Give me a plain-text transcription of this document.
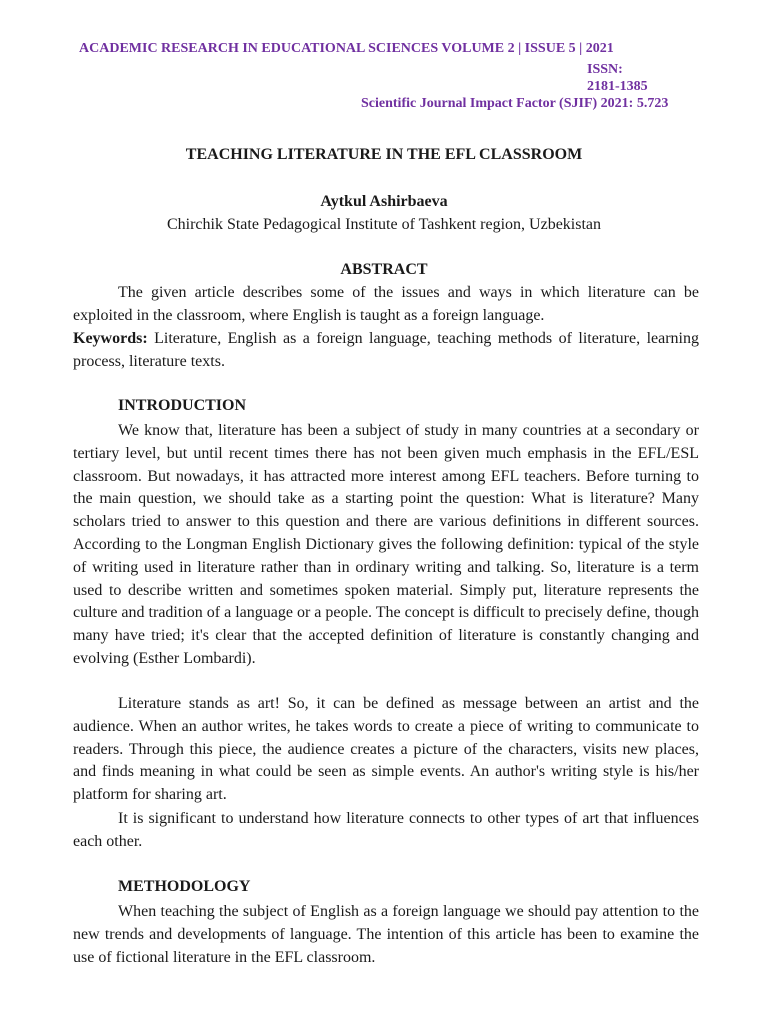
ACADEMIC RESEARCH IN EDUCATIONAL SCIENCES VOLUME 2 | ISSUE 5 | 2021
ISSN:
2181-1385
Scientific Journal Impact Factor (SJIF) 2021: 5.723
TEACHING LITERATURE IN THE EFL CLASSROOM
Aytkul Ashirbaeva
Chirchik State Pedagogical Institute of Tashkent region, Uzbekistan
ABSTRACT

The given article describes some of the issues and ways in which literature can be exploited in the classroom, where English is taught as a foreign language.

Keywords: Literature, English as a foreign language, teaching methods of literature, learning process, literature texts.

INTRODUCTION

We know that, literature has been a subject of study in many countries at a secondary or tertiary level, but until recent times there has not been given much emphasis in the EFL/ESL classroom. But nowadays, it has attracted more interest among EFL teachers. Before turning to the main question, we should take as a starting point the question: What is literature? Many scholars tried to answer to this question and there are various definitions in different sources. According to the Longman English Dictionary gives the following definition: typical of the style of writing used in literature rather than in ordinary writing and talking. So, literature is a term used to describe written and sometimes spoken material. Simply put, literature represents the culture and tradition of a language or a people. The concept is difficult to precisely define, though many have tried; it's clear that the accepted definition of literature is constantly changing and evolving (Esther Lombardi).

Literature stands as art! So, it can be defined as message between an artist and the audience. When an author writes, he takes words to create a piece of writing to communicate to readers. Through this piece, the audience creates a picture of the characters, visits new places, and finds meaning in what could be seen as simple events. An author's writing style is his/her platform for sharing art.

It is significant to understand how literature connects to other types of art that influences each other.

METHODOLOGY

When teaching the subject of English as a foreign language we should pay attention to the new trends and developments of language. The intention of this article has been to examine the use of fictional literature in the EFL classroom.
